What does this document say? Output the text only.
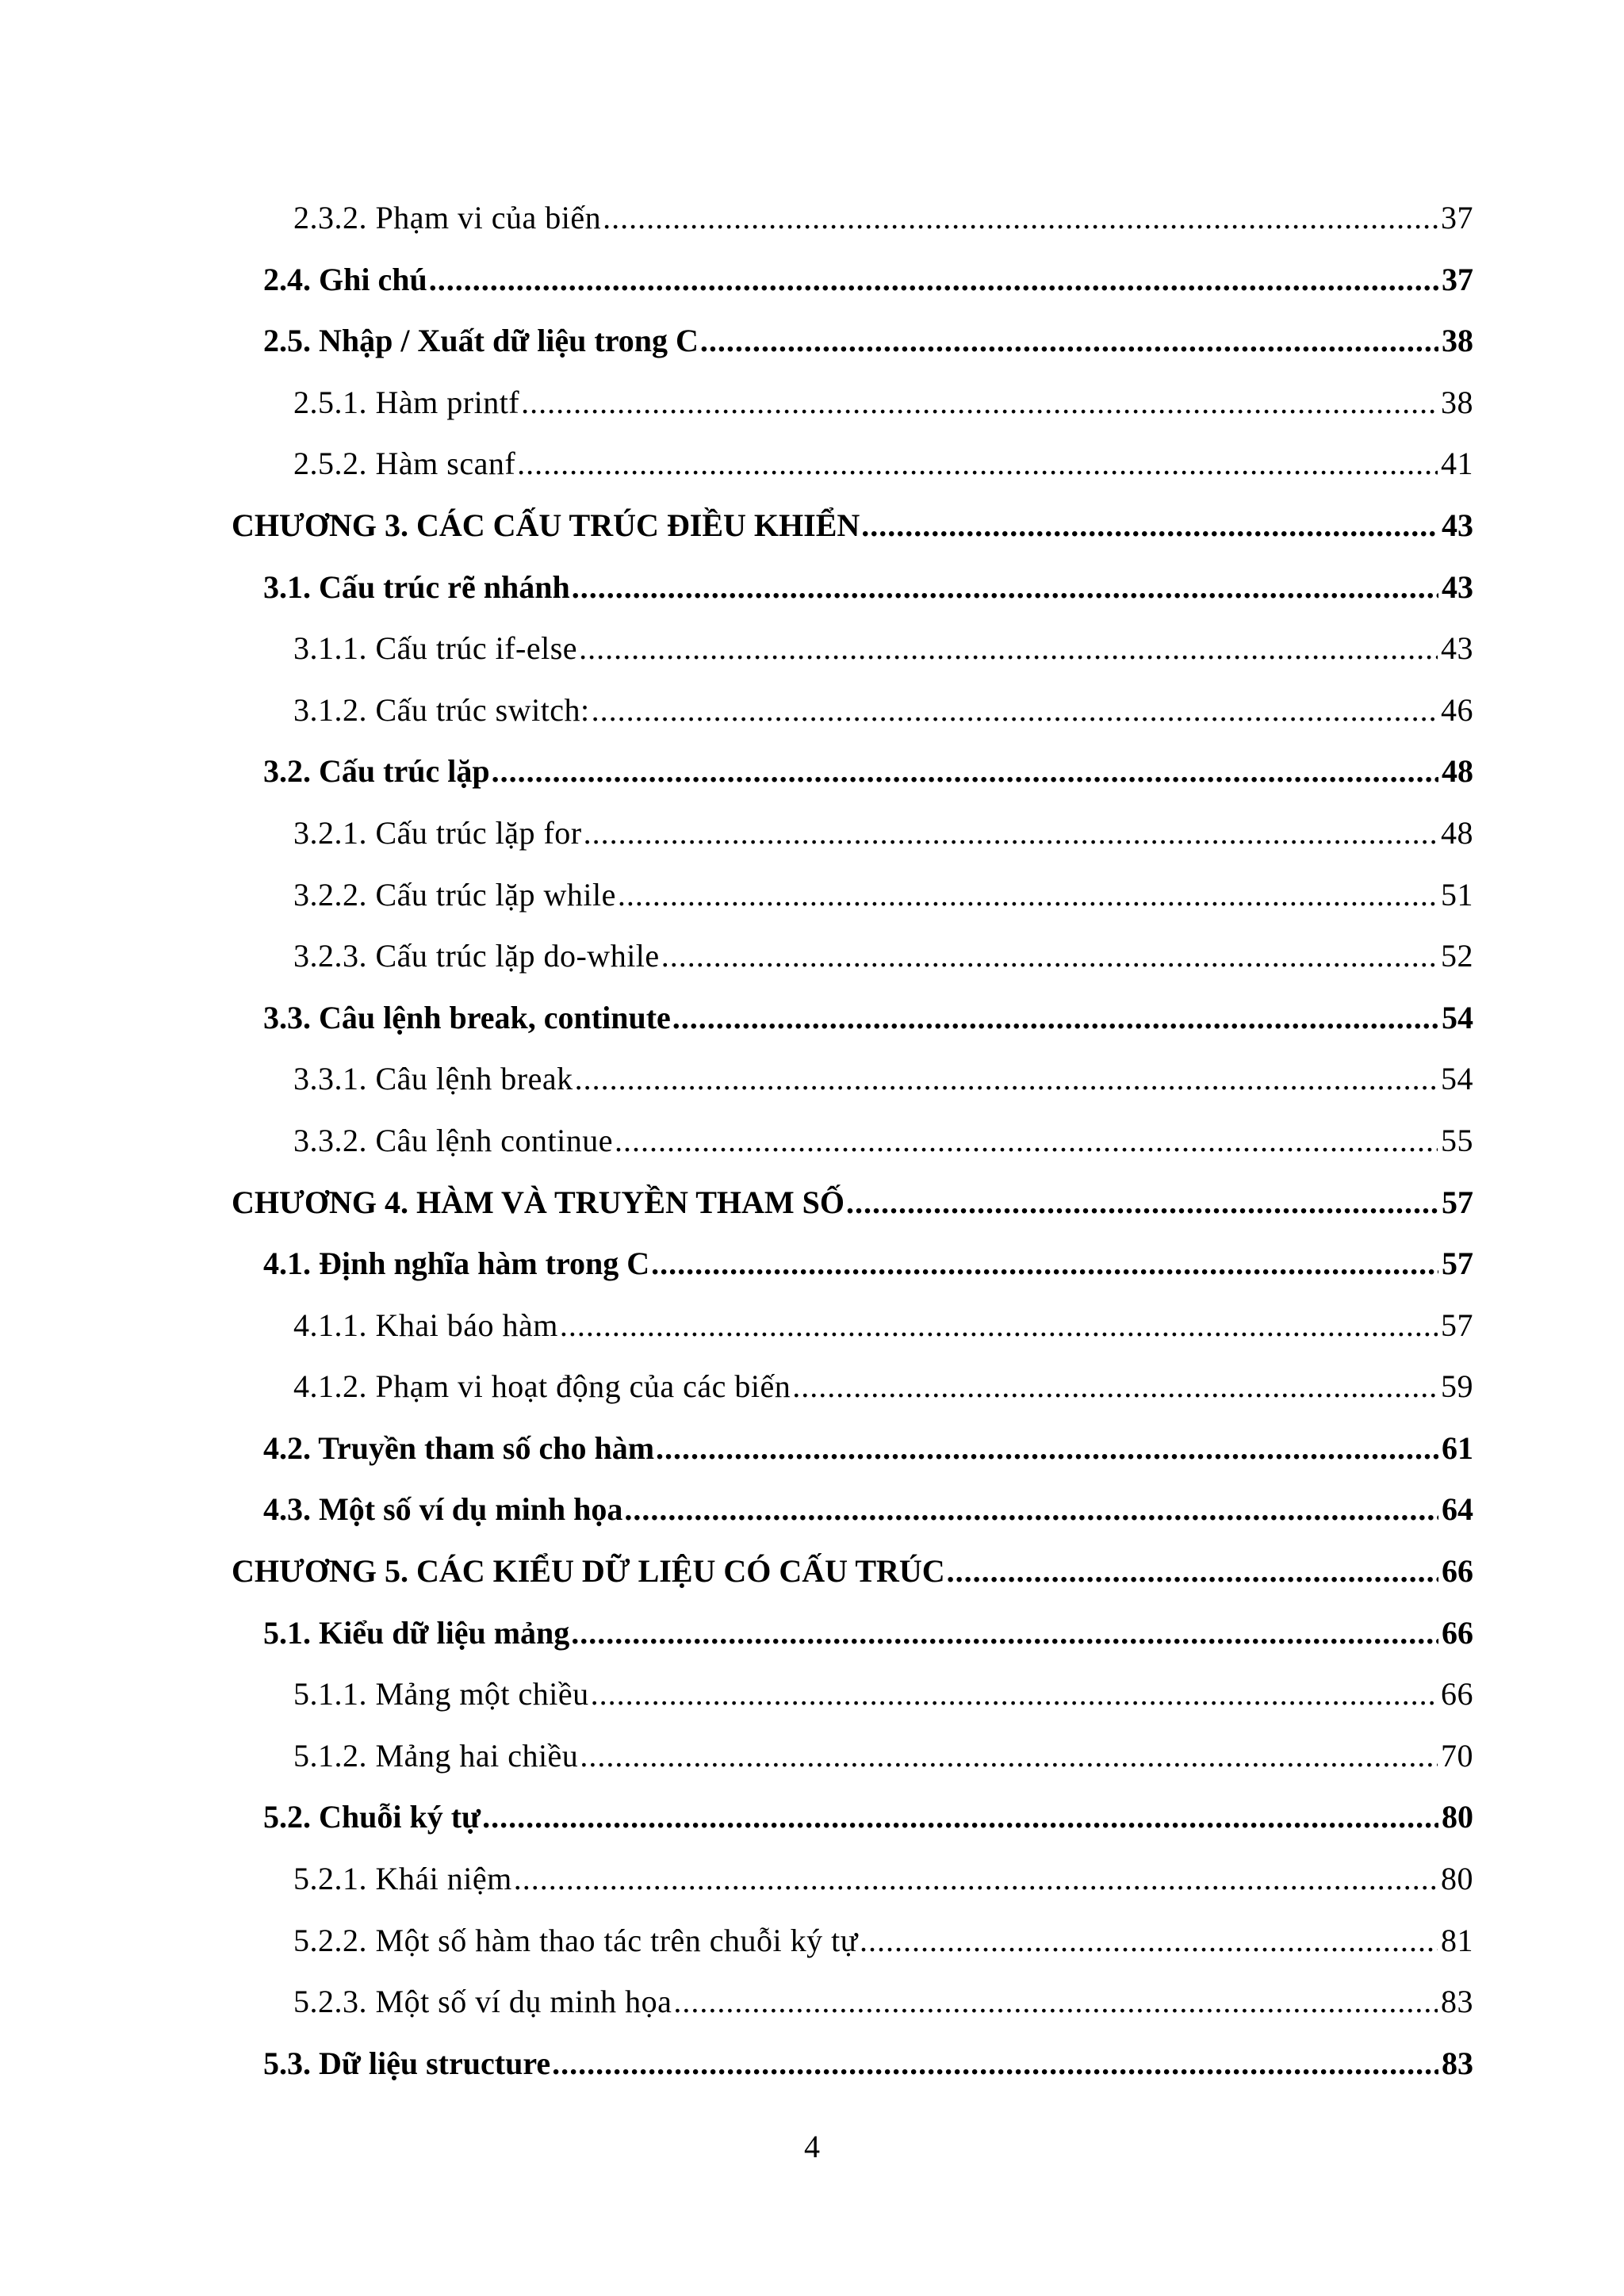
2.3.2. Phạm vi của biến .....	37
2.4. Ghi chú .....	37
2.5. Nhập / Xuất dữ liệu trong C .....	38
2.5.1. Hàm printf .....	38
2.5.2. Hàm scanf .....	41
CHƯƠNG 3. CÁC CẤU TRÚC ĐIỀU KHIỂN .....	43
3.1. Cấu trúc rẽ nhánh .....	43
3.1.1. Cấu trúc if-else .....	43
3.1.2. Cấu trúc switch: .....	46
3.2. Cấu trúc lặp .....	48
3.2.1. Cấu trúc lặp for .....	48
3.2.2. Cấu trúc lặp while .....	51
3.2.3. Cấu trúc lặp do-while .....	52
3.3. Câu lệnh break, continute .....	54
3.3.1. Câu lệnh break .....	54
3.3.2. Câu lệnh continue .....	55
CHƯƠNG 4. HÀM VÀ TRUYỀN THAM SỐ .....	57
4.1. Định nghĩa hàm trong C .....	57
4.1.1. Khai báo hàm .....	57
4.1.2. Phạm vi hoạt động của các biến .....	59
4.2. Truyền tham số cho hàm .....	61
4.3. Một số ví dụ minh họa .....	64
CHƯƠNG 5. CÁC KIỂU DỮ LIỆU CÓ CẤU TRÚC .....	66
5.1. Kiểu dữ liệu mảng .....	66
5.1.1. Mảng một chiều .....	66
5.1.2. Mảng hai chiều .....	70
5.2. Chuỗi ký tự .....	80
5.2.1. Khái niệm .....	80
5.2.2. Một số hàm thao tác trên chuỗi ký tự .....	81
5.2.3. Một số ví dụ minh họa .....	83
5.3. Dữ liệu structure .....	83
4
